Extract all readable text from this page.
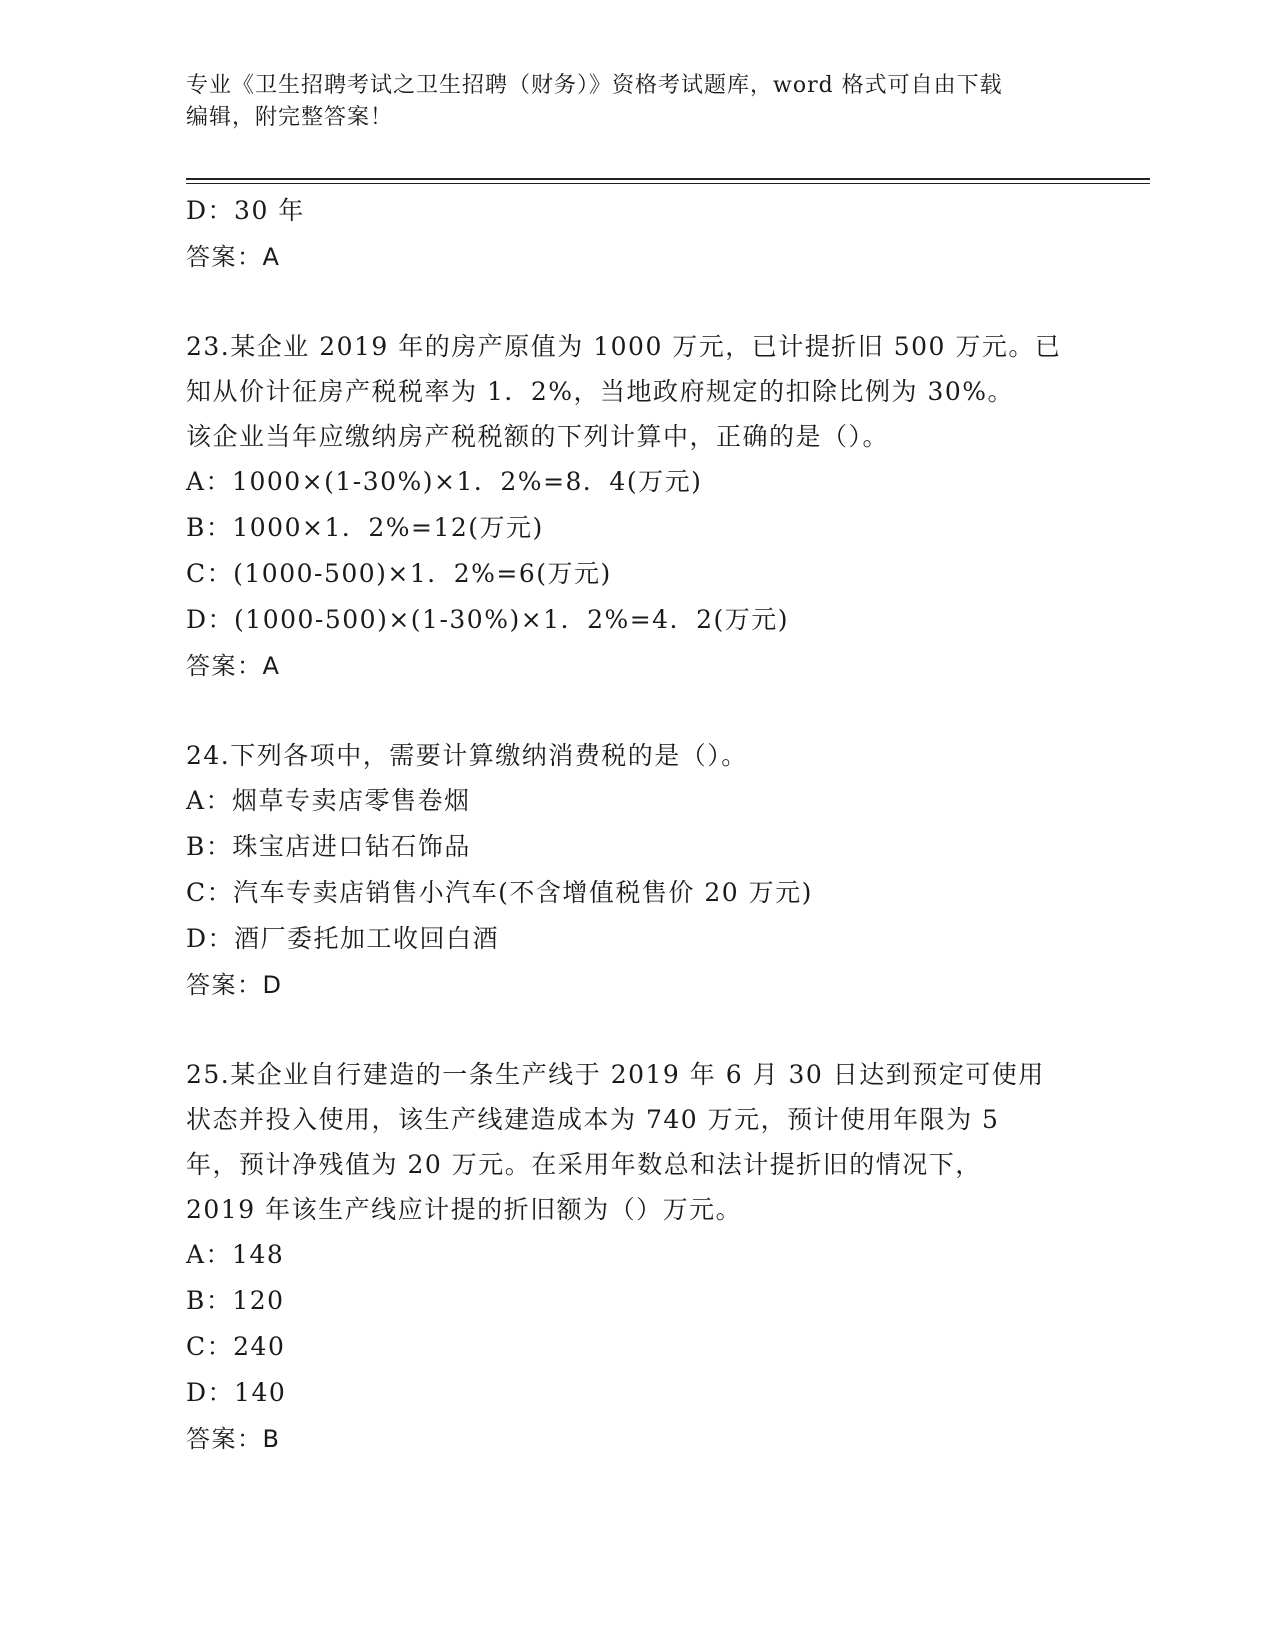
专业《卫生招聘考试之卫生招聘（财务）》资格考试题库，word 格式可自由下载
编辑，附完整答案！
D：30 年
答案：A
23.某企业 2019 年的房产原值为 1000 万元，已计提折旧 500 万元。已
知从价计征房产税税率为 1．2%，当地政府规定的扣除比例为 30%。
该企业当年应缴纳房产税税额的下列计算中，正确的是（）。
A：1000×(1-30%)×1．2%=8．4(万元)
B：1000×1．2%=12(万元)
C：(1000-500)×1．2%=6(万元)
D：(1000-500)×(1-30%)×1．2%=4．2(万元)
答案：A
24.下列各项中，需要计算缴纳消费税的是（）。
A：烟草专卖店零售卷烟
B：珠宝店进口钻石饰品
C：汽车专卖店销售小汽车(不含增值税售价 20 万元)
D：酒厂委托加工收回白酒
答案：D
25.某企业自行建造的一条生产线于 2019 年 6 月 30 日达到预定可使用
状态并投入使用，该生产线建造成本为 740 万元，预计使用年限为 5
年，预计净残值为 20 万元。在采用年数总和法计提折旧的情况下，
2019 年该生产线应计提的折旧额为（）万元。
A：148
B：120
C：240
D：140
答案：B
